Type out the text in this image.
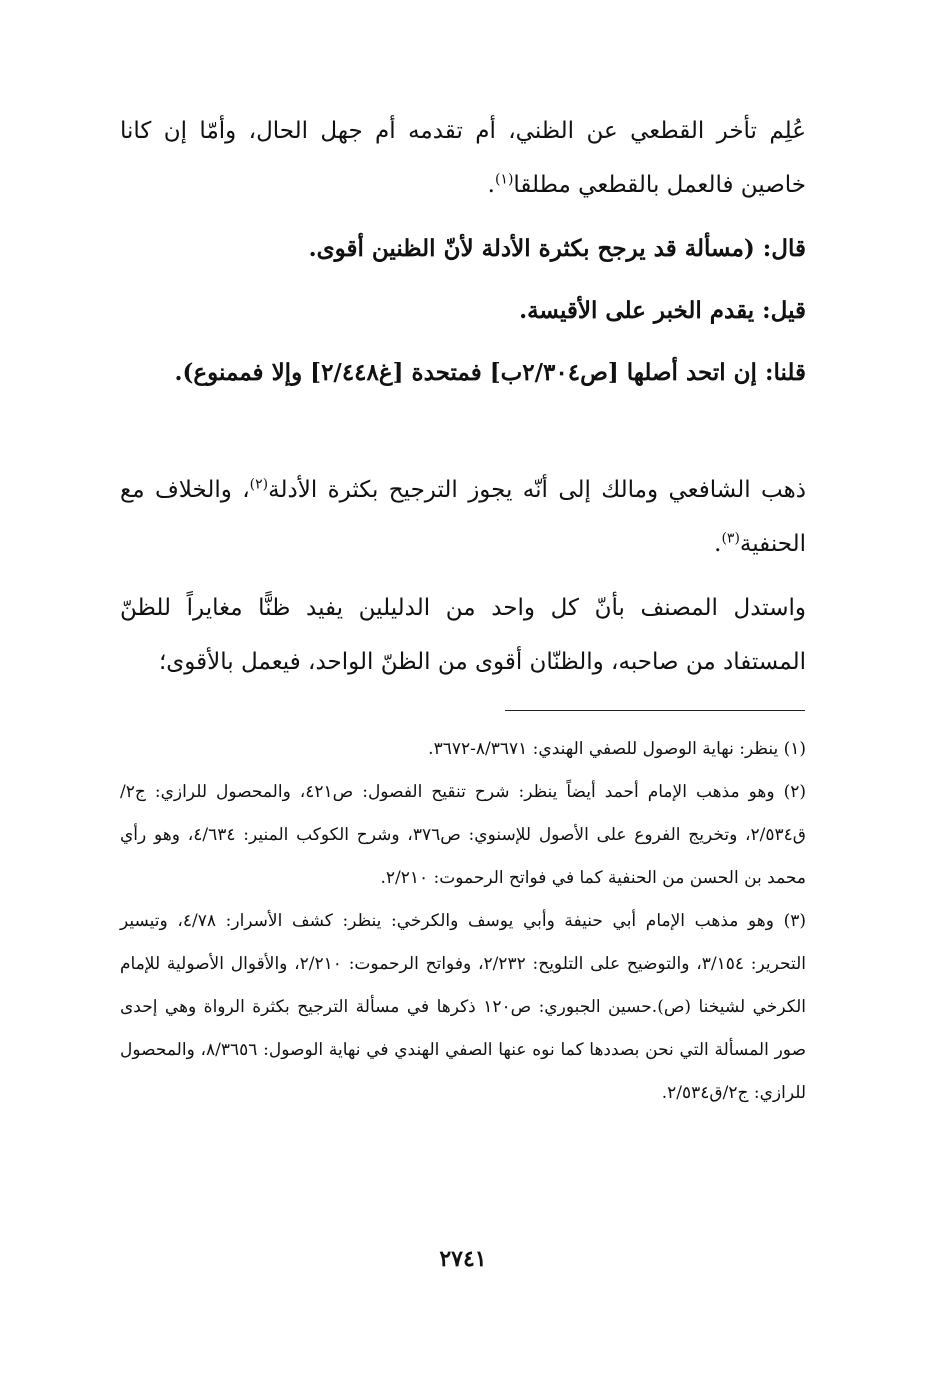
عُلِم تأخر القطعي عن الظني، أم تقدمه أم جهل الحال، وأمّا إن كانا خاصين فالعمل بالقطعي مطلقا$^{(١)}$.

قال: (مسألة قد يرجح بكثرة الأدلة لأنّ الظنين أقوى.

قيل: يقدم الخبر على الأقيسة.

قلنا: إن اتحد أصلها [ص٢/٣٠٤ب] فمتحدة [غ٢/٤٤٨] وإلا فممنوع).

ذهب الشافعي ومالك إلى أنّه يجوز الترجيح بكثرة الأدلة$^{(٢)}$، والخلاف مع الحنفية$^{(٣)}$.

واستدل المصنف بأنّ كل واحد من الدليلين يفيد ظنًّا مغايراً للظنّ المستفاد من صاحبه، والظنّان أقوى من الظنّ الواحد، فيعمل بالأقوى؛

(١) ينظر: نهاية الوصول للصفي الهندي: ٨/٣٦٧١-٣٦٧٢.

(٢) وهو مذهب الإمام أحمد أيضاً ينظر: شرح تنقيح الفصول: ص٤٢١، والمحصول للرازي: ج٢/ق٢/٥٣٤، وتخريج الفروع على الأصول للإسنوي: ص٣٧٦، وشرح الكوكب المنير: ٤/٦٣٤، وهو رأي محمد بن الحسن من الحنفية كما في فواتح الرحموت: ٢/٢١٠.

(٣) وهو مذهب الإمام أبي حنيفة وأبي يوسف والكرخي: ينظر: كشف الأسرار: ٤/٧٨، وتيسير التحرير: ٣/١٥٤، والتوضيح على التلويح: ٢/٢٣٢، وفواتح الرحموت: ٢/٢١٠، والأقوال الأصولية للإمام الكرخي لشيخنا (ص).حسين الجبوري: ص١٢٠ ذكرها في مسألة الترجيح بكثرة الرواة وهي إحدى صور المسألة التي نحن بصددها كما نوه عنها الصفي الهندي في نهاية الوصول: ٨/٣٦٥٦، والمحصول للرازي: ج٢/ق٢/٥٣٤.

٢٧٤١
